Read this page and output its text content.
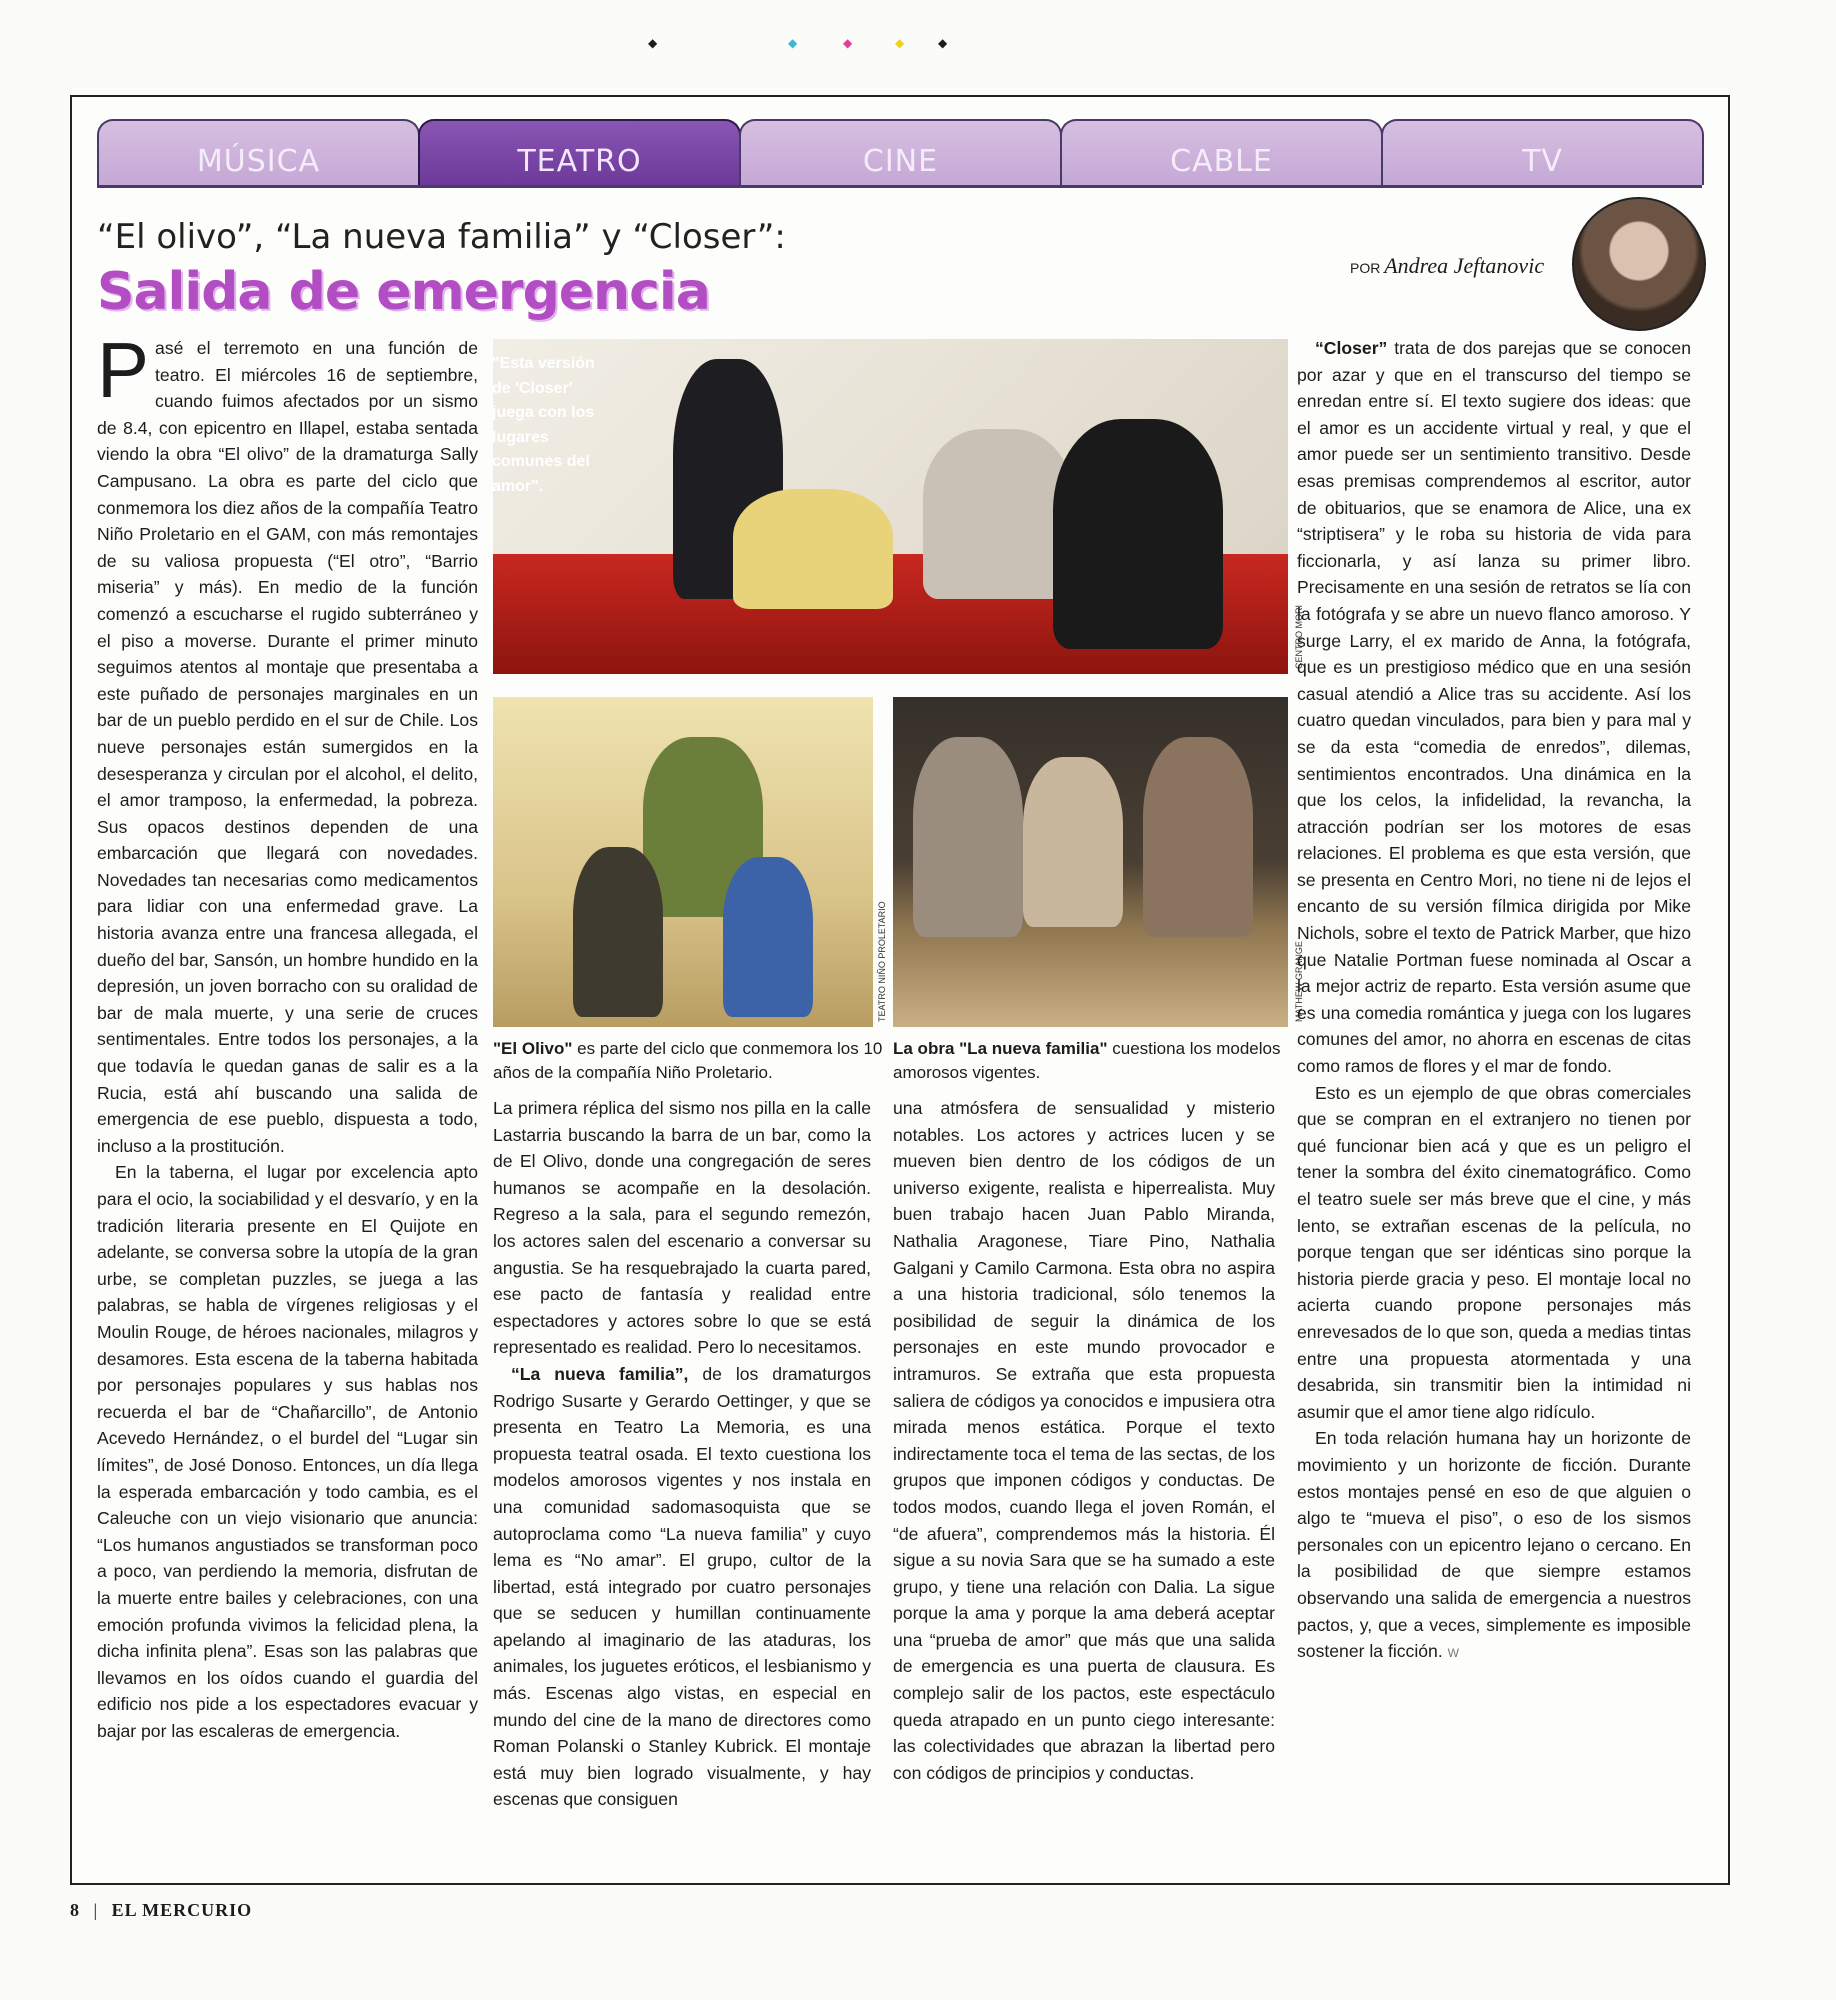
◆	◆	◆	◆	◆
MÚSICA	TEATRO	CINE	CABLE	TV
“El olivo”, “La nueva familia” y “Closer”:
Salida de emergencia	POR Andrea Jeftanovic

Pasé el terremoto en una función de teatro. El miércoles 16 de septiembre, cuando fuimos afectados por un sismo de 8.4, con epicentro en Illapel, estaba sentada viendo la obra “El olivo” de la dramaturga Sally Campusano. La obra es parte del ciclo que conmemora los diez años de la compañía Teatro Niño Proletario en el GAM, con más remontajes de su valiosa propuesta (“El otro”, “Barrio miseria” y más). En medio de la función comenzó a escucharse el rugido subterráneo y el piso a moverse. Durante el primer minuto seguimos atentos al montaje que presentaba a este puñado de personajes marginales en un bar de un pueblo perdido en el sur de Chile. Los nueve personajes están sumergidos en la desesperanza y circulan por el alcohol, el delito, el amor tramposo, la enfermedad, la pobreza. Sus opacos destinos dependen de una embarcación que llegará con novedades. Novedades tan necesarias como medicamentos para lidiar con una enfermedad grave. La historia avanza entre una francesa allegada, el dueño del bar, Sansón, un hombre hundido en la depresión, un joven borracho con su oralidad de bar de mala muerte, y una serie de cruces sentimentales. Entre todos los personajes, a la que todavía le quedan ganas de salir es a la Rucia, está ahí buscando una salida de emergencia de ese pueblo, dispuesta a todo, incluso a la prostitución.

En la taberna, el lugar por excelencia apto para el ocio, la sociabilidad y el desvarío, y en la tradición literaria presente en El Quijote en adelante, se conversa sobre la utopía de la gran urbe, se completan puzzles, se juega a las palabras, se habla de vírgenes religiosas y el Moulin Rouge, de héroes nacionales, milagros y desamores. Esta escena de la taberna habitada por personajes populares y sus hablas nos recuerda el bar de “Chañarcillo”, de Antonio Acevedo Hernández, o el burdel del “Lugar sin límites”, de José Donoso. Entonces, un día llega la esperada embarcación y todo cambia, es el Caleuche con un viejo visionario que anuncia: “Los humanos angustiados se transforman poco a poco, van perdiendo la memoria, disfrutan de la muerte entre bailes y celebraciones, con una emoción profunda vivimos la felicidad plena, la dicha infinita plena”. Esas son las palabras que llevamos en los oídos cuando el guardia del edificio nos pide a los espectadores evacuar y bajar por las escaleras de emergencia.

"Esta versión de 'Closer' juega con los lugares comunes del amor".
CENTRO MORI
TEATRO NIÑO PROLETARIO	MATHEW GRANGE
"El Olivo" es parte del ciclo que conmemora los 10 años de la compañía Niño Proletario.
La obra "La nueva familia" cuestiona los modelos amorosos vigentes.

La primera réplica del sismo nos pilla en la calle Lastarria buscando la barra de un bar, como la de El Olivo, donde una congregación de seres humanos se acompañe en la desolación. Regreso a la sala, para el segundo remezón, los actores salen del escenario a conversar su angustia. Se ha resquebrajado la cuarta pared, ese pacto de fantasía y realidad entre espectadores y actores sobre lo que se está representado es realidad. Pero lo necesitamos.

“La nueva familia”, de los dramaturgos Rodrigo Susarte y Gerardo Oettinger, y que se presenta en Teatro La Memoria, es una propuesta teatral osada. El texto cuestiona los modelos amorosos vigentes y nos instala en una comunidad sadomasoquista que se autoproclama como “La nueva familia” y cuyo lema es “No amar”. El grupo, cultor de la libertad, está integrado por cuatro personajes que se seducen y humillan continuamente apelando al imaginario de las ataduras, los animales, los juguetes eróticos, el lesbianismo y más. Escenas algo vistas, en especial en mundo del cine de la mano de directores como Roman Polanski o Stanley Kubrick. El montaje está muy bien logrado visualmente, y hay escenas que consiguen

una atmósfera de sensualidad y misterio notables. Los actores y actrices lucen y se mueven bien dentro de los códigos de un universo exigente, realista e hiperrealista. Muy buen trabajo hacen Juan Pablo Miranda, Nathalia Aragonese, Tiare Pino, Nathalia Galgani y Camilo Carmona. Esta obra no aspira a una historia tradicional, sólo tenemos la posibilidad de seguir la dinámica de los personajes en este mundo provocador e intramuros. Se extraña que esta propuesta saliera de códigos ya conocidos e impusiera otra mirada menos estática. Porque el texto indirectamente toca el tema de las sectas, de los grupos que imponen códigos y conductas. De todos modos, cuando llega el joven Román, el “de afuera”, comprendemos más la historia. Él sigue a su novia Sara que se ha sumado a este grupo, y tiene una relación con Dalia. La sigue porque la ama y porque la ama deberá aceptar una “prueba de amor” que más que una salida de emergencia es una puerta de clausura. Es complejo salir de los pactos, este espectáculo queda atrapado en un punto ciego interesante: las colectividades que abrazan la libertad pero con códigos de principios y conductas.

“Closer” trata de dos parejas que se conocen por azar y que en el transcurso del tiempo se enredan entre sí. El texto sugiere dos ideas: que el amor es un accidente virtual y real, y que el amor puede ser un sentimiento transitivo. Desde esas premisas comprendemos al escritor, autor de obituarios, que se enamora de Alice, una ex “striptisera” y le roba su historia de vida para ficcionarla, y así lanza su primer libro. Precisamente en una sesión de retratos se lía con la fotógrafa y se abre un nuevo flanco amoroso. Y surge Larry, el ex marido de Anna, la fotógrafa, que es un prestigioso médico que en una sesión casual atendió a Alice tras su accidente. Así los cuatro quedan vinculados, para bien y para mal y se da esta “comedia de enredos”, dilemas, sentimientos encontrados. Una dinámica en la que los celos, la infidelidad, la revancha, la atracción podrían ser los motores de esas relaciones. El problema es que esta versión, que se presenta en Centro Mori, no tiene ni de lejos el encanto de su versión fílmica dirigida por Mike Nichols, sobre el texto de Patrick Marber, que hizo que Natalie Portman fuese nominada al Oscar a la mejor actriz de reparto. Esta versión asume que es una comedia romántica y juega con los lugares comunes del amor, no ahorra en escenas de citas como ramos de flores y el mar de fondo.

Esto es un ejemplo de que obras comerciales que se compran en el extranjero no tienen por qué funcionar bien acá y que es un peligro el tener la sombra del éxito cinematográfico. Como el teatro suele ser más breve que el cine, y más lento, se extrañan escenas de la película, no porque tengan que ser idénticas sino porque la historia pierde gracia y peso. El montaje local no acierta cuando propone personajes más enrevesados de lo que son, queda a medias tintas entre una propuesta atormentada y una desabrida, sin transmitir bien la intimidad ni asumir que el amor tiene algo ridículo.

En toda relación humana hay un horizonte de movimiento y un horizonte de ficción. Durante estos montajes pensé en eso de que alguien o algo te “mueva el piso”, o eso de los sismos personales con un epicentro lejano o cercano. En la posibilidad de que siempre estamos observando una salida de emergencia a nuestros pactos, y, que a veces, simplemente es imposible sostener la ficción. W

8 | EL MERCURIO
